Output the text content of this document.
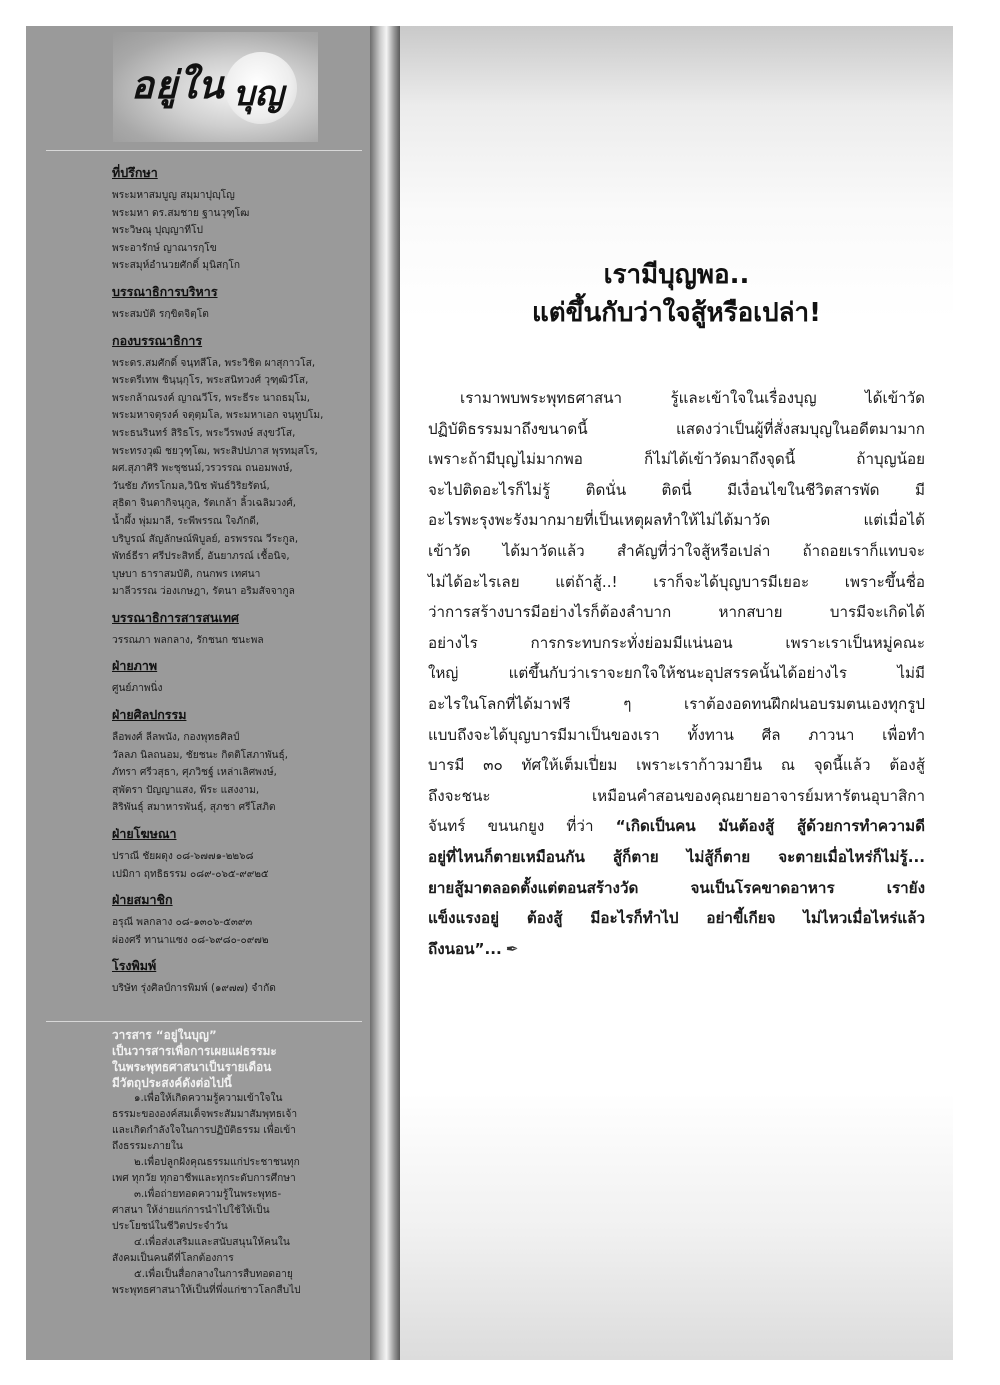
อยู่ใน บุญ
ที่ปรึกษา
พระมหาสมบูญ สมฺมาปุญฺโญ
พระมหา ดร.สมชาย ฐานวุฑฺโฒ
พระวิษณุ ปุญฺญาทีโป
พระอารักษ์ ญาณารกฺโข
พระสมุห์อำนวยศักดิ์ มุนิสกฺโก
บรรณาธิการบริหาร
พระสมบัติ รกฺขิตจิตฺโต
กองบรรณาธิการ
พระดร.สมศักดิ์ จนฺทสีโล, พระวิชิต ผาสุกาวโส,
พระตรีเทพ ชินฺนฺกุโร, พระสนิทวงศ์ วุฑฺฒิวํโส,
พระกล้าณรงค์ ญาณวีโร, พระธีระ นาถธมฺโม,
พระมหาจตุรงค์ จตุตฺมโล, พระมหาเอก จนฺทูปโม,
พระธนรินทร์ สิริธโร, พระวีรพงษ์ สงฺขวํโส,
พระทรงวุฒิ ชยวุฑฺโฒ, พระสิปปภาส พุรทมฺสโร,
ผศ.สุภาศิริ พะชุชนม์,วรวรรณ ถนอมพงษ์,
วันชัย ภัทรโกมล,วินิช พันธ์วิริยรัตน์,
สุธิดา จินดากิจนุกูล, รัตเกล้า ลิ้วเฉลิมวงศ์,
น้ำผึ้ง พุ่มมาลี, ระพีพรรณ ใจภักดี,
บริบูรณ์ สัญลักษณ์พิบูลย์, อรพรรณ วีระกูล,
พัทธ์ธีรา ศรีประสิทธิ์, อันยาภรณ์ เชื้อนิจ,
บุษบา ธาราสมบัติ, กนกพร เทศนา
มาลีวรรณ ว่องเกษฎา, รัตนา อริมสัจจากูล
บรรณาธิการสารสนเทศ
วรรณภา พลกลาง, รักชนก ชนะพล
ฝ่ายภาพ
ศูนย์ภาพนิ่ง
ฝ่ายศิลปกรรม
ลือพงศ์ ลีลพนัง, กองพุทธศิลป์
วัลลภ นิลถนอม, ชัยชนะ กิตติโสภาพันธุ์,
ภัทรา ศรีวสุธา, ศุภวิชฐ์ เหล่าเลิศพงษ์,
สุพัตรา ปัญญาแสง, พีระ แสงงาม,
สิริพันธุ์ สมาหารพันธุ์, สุภชา ศรีโสภิต
ฝ่ายโฆษณา
ปราณี ชัยผดุง ๐๘-๖๗๗๑-๒๒๖๘
เปมิกา ฤทธิธรรม ๐๘๙-๐๖๕-๙๙๒๕
ฝ่ายสมาชิก
อรุณี พลกลาง ๐๘-๑๓๐๖-๕๓๙๓
ผ่องศรี ทานาแซง ๐๘-๖๙๘๐-๐๙๗๒
โรงพิมพ์
บริษัท รุ่งศิลป์การพิมพ์ (๑๙๗๗) จำกัด
วารสาร “อยู่ในบุญ”
เป็นวารสารเพื่อการเผยแผ่ธรรมะ
ในพระพุทธศาสนาเป็นรายเดือน
มีวัตถุประสงค์ดังต่อไปนี้
๑.เพื่อให้เกิดความรู้ความเข้าใจใน
ธรรมะขององค์สมเด็จพระสัมมาสัมพุทธเจ้า
และเกิดกำลังใจในการปฏิบัติธรรม เพื่อเข้า
ถึงธรรมะภายใน
๒.เพื่อปลูกฝังคุณธรรมแก่ประชาชนทุก
เพศ ทุกวัย ทุกอาชีพและทุกระดับการศึกษา
๓.เพื่อถ่ายทอดความรู้ในพระพุทธ-
ศาสนา ให้ง่ายแก่การนำไปใช้ให้เป็น
ประโยชน์ในชีวิตประจำวัน
๔.เพื่อส่งเสริมและสนับสนุนให้คนใน
สังคมเป็นคนดีที่โลกต้องการ
๕.เพื่อเป็นสื่อกลางในการสืบทอดอายุ
พระพุทธศาสนาให้เป็นที่พึ่งแก่ชาวโลกสืบไป
เรามีบุญพอ..
แต่ขึ้นกับว่าใจสู้หรือเปล่า!
เรามาพบพระพุทธศาสนา รู้และเข้าใจในเรื่องบุญ ได้เข้าวัด
ปฏิบัติธรรมมาถึงขนาดนี้ แสดงว่าเป็นผู้ที่สั่งสมบุญในอดีตมามาก
เพราะถ้ามีบุญไม่มากพอ ก็ไม่ได้เข้าวัดมาถึงจุดนี้ ถ้าบุญน้อย
จะไปติดอะไรก็ไม่รู้ ติดนั่น ติดนี่ มีเงื่อนไขในชีวิตสารพัด มี
อะไรพะรุงพะรังมากมายที่เป็นเหตุผลทำให้ไม่ได้มาวัด แต่เมื่อได้
เข้าวัด ได้มาวัดแล้ว สำคัญที่ว่าใจสู้หรือเปล่า ถ้าถอยเราก็แทบจะ
ไม่ได้อะไรเลย แต่ถ้าสู้..! เราก็จะได้บุญบารมีเยอะ เพราะขึ้นชื่อ
ว่าการสร้างบารมีอย่างไรก็ต้องลำบาก หากสบาย บารมีจะเกิดได้
อย่างไร การกระทบกระทั่งย่อมมีแน่นอน เพราะเราเป็นหมู่คณะ
ใหญ่ แต่ขึ้นกับว่าเราจะยกใจให้ชนะอุปสรรคนั้นได้อย่างไร ไม่มี
อะไรในโลกที่ได้มาฟรี ๆ เราต้องอดทนฝึกฝนอบรมตนเองทุกรูป
แบบถึงจะได้บุญบารมีมาเป็นของเรา ทั้งทาน ศีล ภาวนา เพื่อทำ
บารมี ๓๐ ทัศให้เต็มเปี่ยม เพราะเราก้าวมายืน ณ จุดนี้แล้ว ต้องสู้
ถึงจะชนะ เหมือนคำสอนของคุณยายอาจารย์มหารัตนอุบาสิกา
จันทร์ ขนนกยูง ที่ว่า “เกิดเป็นคน มันต้องสู้ สู้ด้วยการทำความดี
อยู่ที่ไหนก็ตายเหมือนกัน สู้ก็ตาย ไม่สู้ก็ตาย จะตายเมื่อไหร่ก็ไม่รู้...
ยายสู้มาตลอดตั้งแต่ตอนสร้างวัด จนเป็นโรคขาดอาหาร เรายัง
แข็งแรงอยู่ ต้องสู้ มีอะไรก็ทำไป อย่าขี้เกียจ ไม่ไหวเมื่อไหร่แล้ว
ถึงนอน”... ✒
